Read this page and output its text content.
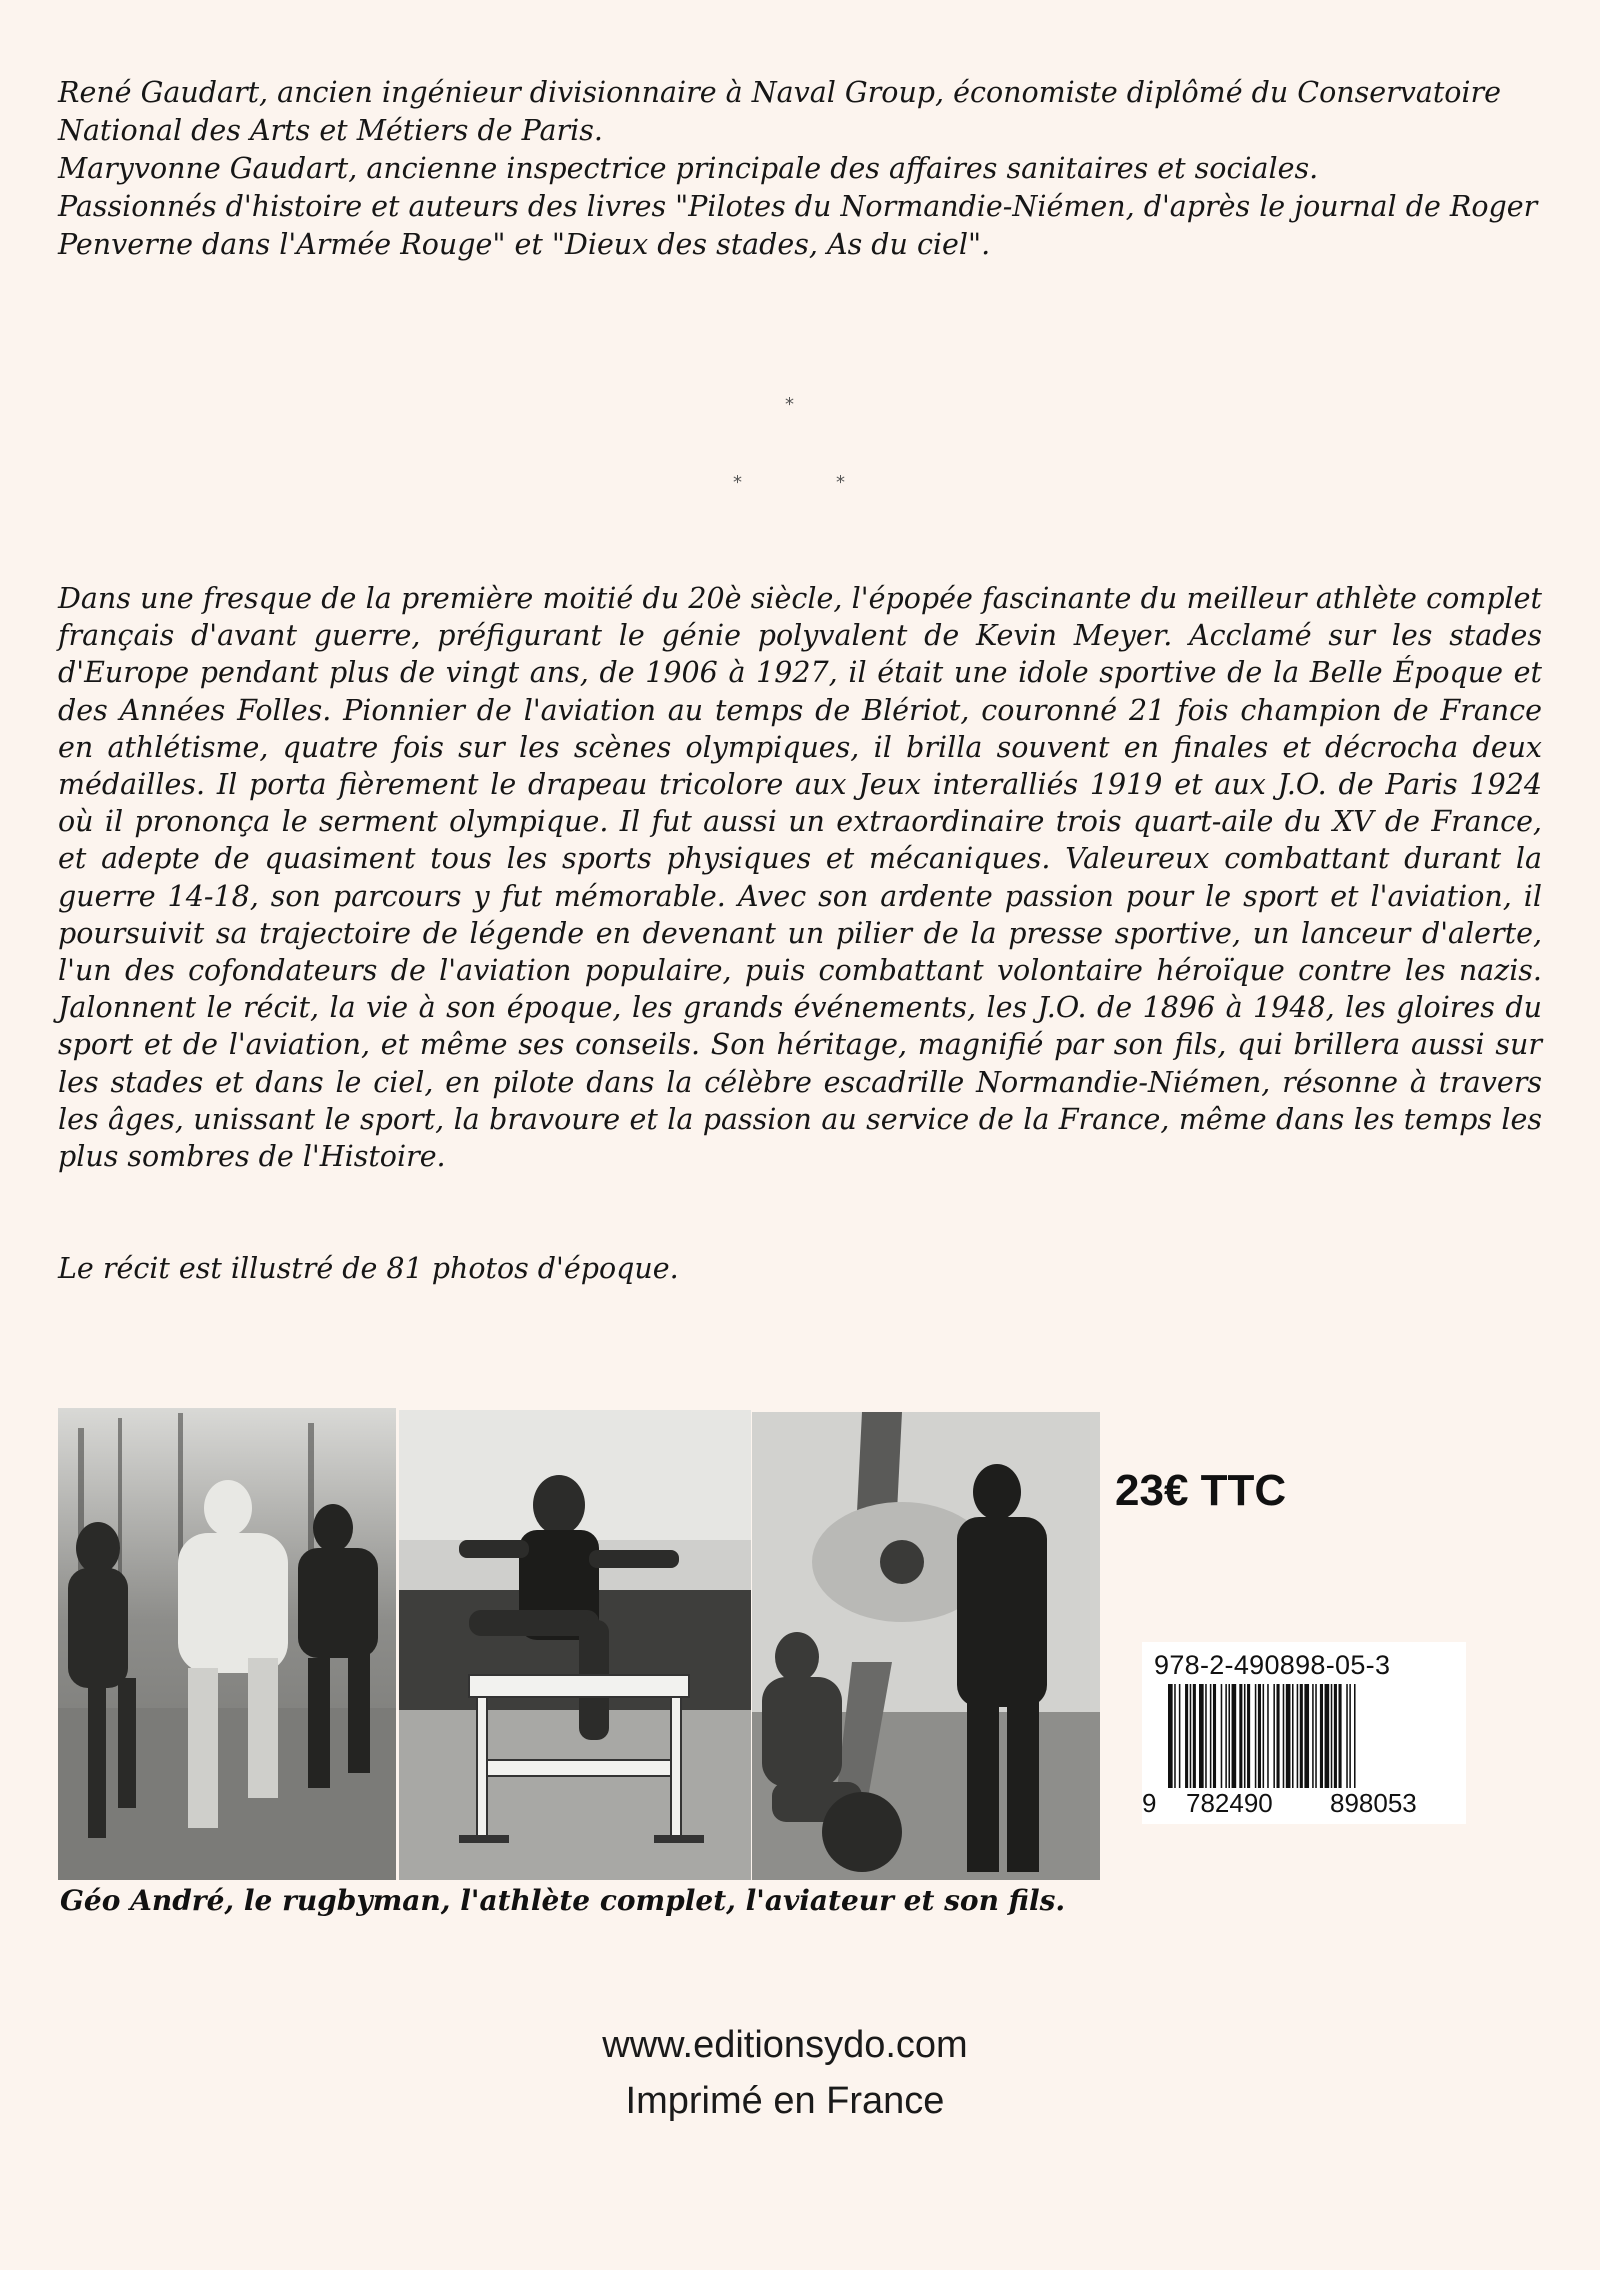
René Gaudart, ancien ingénieur divisionnaire à Naval Group, économiste diplômé du Conservatoire

National des Arts et Métiers de Paris.

Maryvonne Gaudart, ancienne inspectrice principale des affaires sanitaires et sociales.

Passionnés d'histoire et auteurs des livres "Pilotes du Normandie-Niémen, d'après le journal de Roger

Penverne dans l'Armée Rouge" et "Dieux des stades, As du ciel".

*
*	*

Dans une fresque de la première moitié du 20è siècle, l'épopée fascinante du meilleur athlète complet français d'avant guerre, préfigurant le génie polyvalent de Kevin Meyer. Acclamé sur les stades d'Europe pendant plus de vingt ans, de 1906 à 1927, il était une idole sportive de la Belle Époque et des Années Folles. Pionnier de l'aviation au temps de Blériot, couronné 21 fois champion de France en athlétisme, quatre fois sur les scènes olympiques, il brilla souvent en finales et décrocha deux médailles. Il porta fièrement le drapeau tricolore aux Jeux interalliés 1919 et aux J.O. de Paris 1924 où il prononça le serment olympique. Il fut aussi un extraordinaire trois quart-aile du XV de France, et adepte de quasiment tous les sports physiques et mécaniques. Valeureux combattant durant la guerre 14-18, son parcours y fut mémorable. Avec son ardente passion pour le sport et l'aviation, il poursuivit sa trajectoire de légende en devenant un pilier de la presse sportive, un lanceur d'alerte, l'un des cofondateurs de l'aviation populaire, puis combattant volontaire héroïque contre les nazis. Jalonnent le récit, la vie à son époque, les grands événements, les J.O. de 1896 à 1948, les gloires du sport et de l'aviation, et même ses conseils. Son héritage, magnifié par son fils, qui brillera aussi sur les stades et dans le ciel, en pilote dans la célèbre escadrille Normandie-Niémen, résonne à travers les âges, unissant le sport, la bravoure et la passion au service de la France, même dans les temps les plus sombres de l'Histoire.

Le récit est illustré de 81 photos d'époque.
23€ TTC
978-2-490898-05-3
9 782490 898053
Géo André, le rugbyman, l'athlète complet, l'aviateur et son fils.
www.editionsydo.com
Imprimé en France
